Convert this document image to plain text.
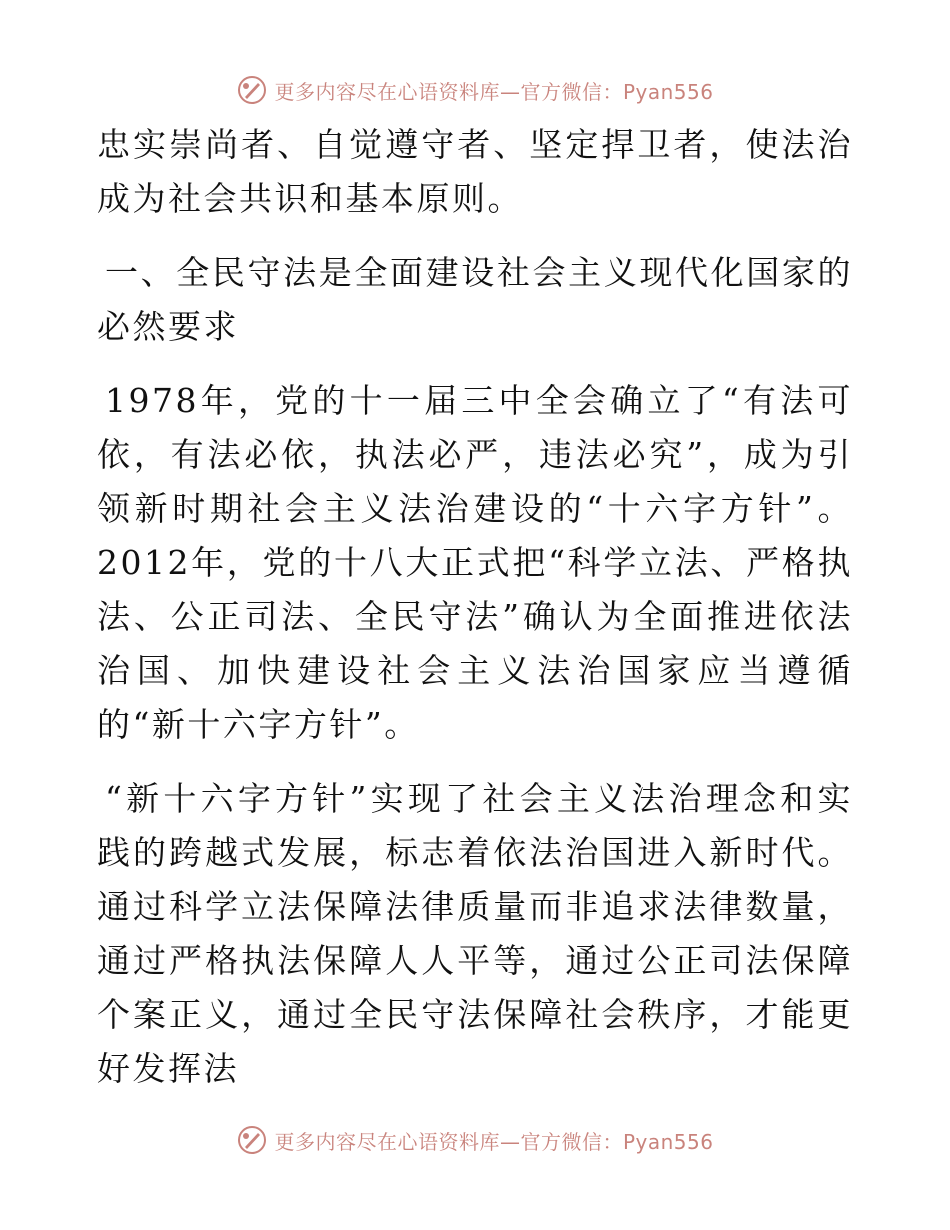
更多内容尽在心语资料库—官方微信：Pyan556

忠实崇尚者、自觉遵守者、坚定捍卫者，使法治成为社会共识和基本原则。

一、全民守法是全面建设社会主义现代化国家的必然要求

1978年，党的十一届三中全会确立了“有法可依，有法必依，执法必严，违法必究”，成为引领新时期社会主义法治建设的“十六字方针”。2012年，党的十八大正式把“科学立法、严格执法、公正司法、全民守法”确认为全面推进依法治国、加快建设社会主义法治国家应当遵循的“新十六字方针”。

“新十六字方针”实现了社会主义法治理念和实践的跨越式发展，标志着依法治国进入新时代。通过科学立法保障法律质量而非追求法律数量，通过严格执法保障人人平等，通过公正司法保障个案正义，通过全民守法保障社会秩序，才能更好发挥法

更多内容尽在心语资料库—官方微信：Pyan556
